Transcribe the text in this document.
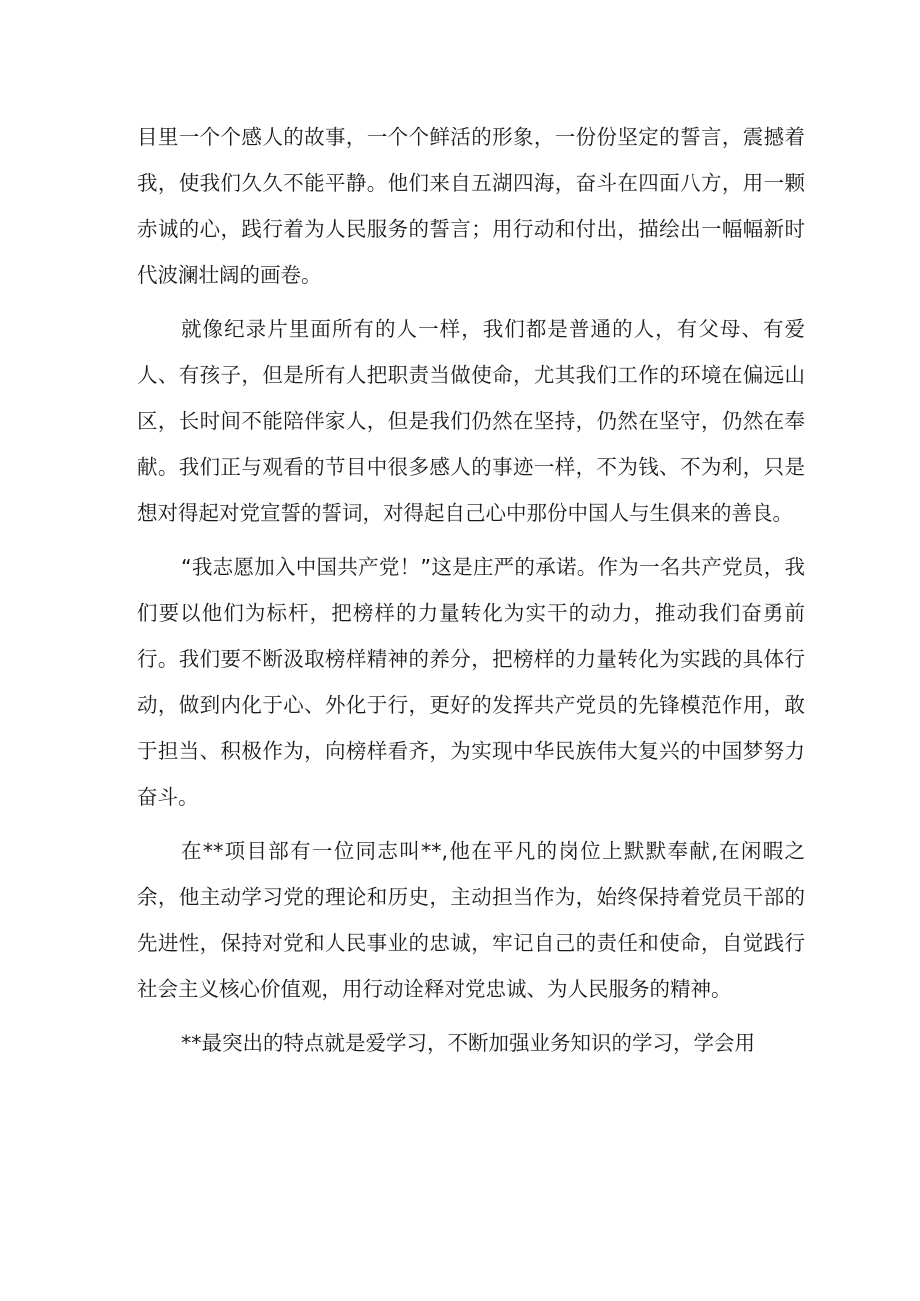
目里一个个感人的故事，一个个鲜活的形象，一份份坚定的誓言，震撼着我，使我们久久不能平静。他们来自五湖四海，奋斗在四面八方，用一颗赤诚的心，践行着为人民服务的誓言；用行动和付出，描绘出一幅幅新时代波澜壮阔的画卷。

就像纪录片里面所有的人一样，我们都是普通的人，有父母、有爱人、有孩子，但是所有人把职责当做使命，尤其我们工作的环境在偏远山区，长时间不能陪伴家人，但是我们仍然在坚持，仍然在坚守，仍然在奉献。我们正与观看的节目中很多感人的事迹一样，不为钱、不为利，只是想对得起对党宣誓的誓词，对得起自己心中那份中国人与生俱来的善良。

“我志愿加入中国共产党！”这是庄严的承诺。作为一名共产党员，我们要以他们为标杆，把榜样的力量转化为实干的动力，推动我们奋勇前行。我们要不断汲取榜样精神的养分，把榜样的力量转化为实践的具体行动，做到内化于心、外化于行，更好的发挥共产党员的先锋模范作用，敢于担当、积极作为，向榜样看齐，为实现中华民族伟大复兴的中国梦努力奋斗。

在**项目部有一位同志叫**,他在平凡的岗位上默默奉献,在闲暇之余，他主动学习党的理论和历史，主动担当作为，始终保持着党员干部的先进性，保持对党和人民事业的忠诚，牢记自己的责任和使命，自觉践行社会主义核心价值观，用行动诠释对党忠诚、为人民服务的精神。

**最突出的特点就是爱学习，不断加强业务知识的学习，学会用
